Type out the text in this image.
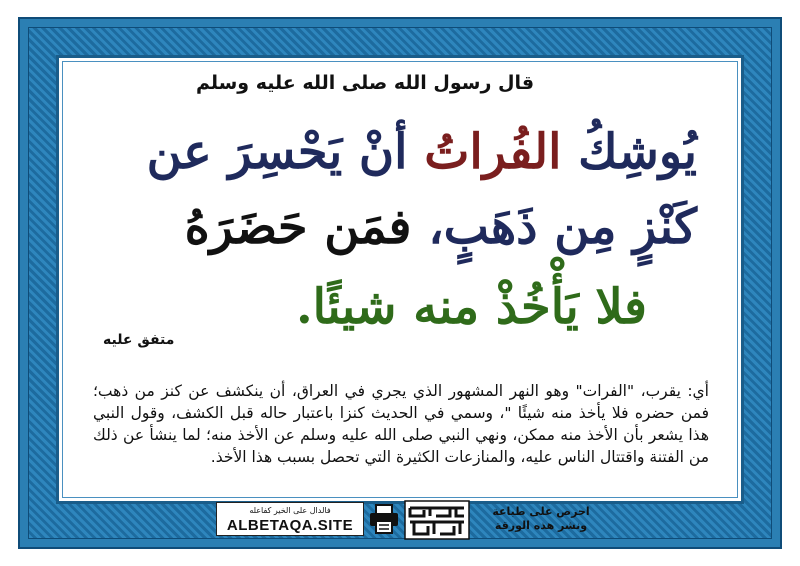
قال رسول الله صلى الله عليه وسلم
يُوشِكُ الفُراتُ أنْ يَحْسِرَ عن
كَنْزٍ مِن ذَهَبٍ، فمَن حَضَرَهُ
فلا يَأْخُذْ منه شيئًا.
متفق عليه
أي: يقرب، "الفرات" وهو النهر المشهور الذي يجري في العراق، أن ينكشف عن كنز من ذهب؛ فمن حضره فلا يأخذ منه شيئًا "، وسمي في الحديث كنزا باعتبار حاله قبل الكشف، وقول النبي هذا يشعر بأن الأخذ منه ممكن، ونهي النبي صلى الله عليه وسلم عن الأخذ منه؛ لما ينشأ عن ذلك من الفتنة واقتتال الناس عليه، والمنازعات الكثيرة التي تحصل بسبب هذا الأخذ.
فالدال على الخير كفاعله
ALBETAQA.SITE
احرص على طباعة ونشر هذه الورقة
